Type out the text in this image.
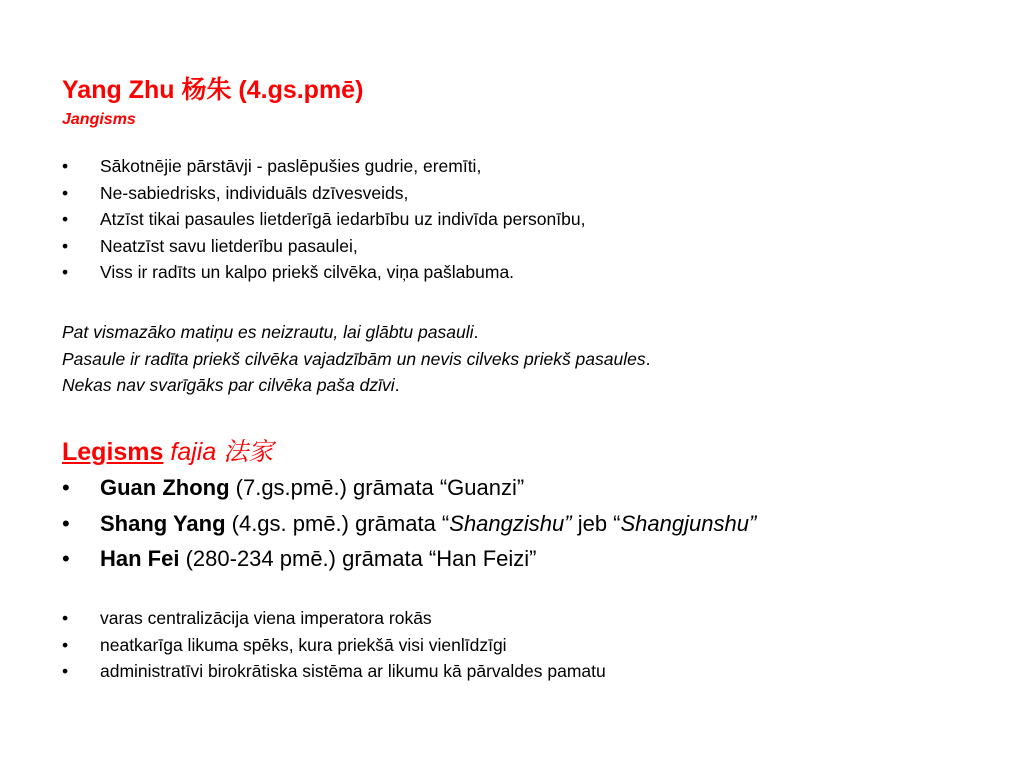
Yang Zhu 杨朱 (4.gs.pmē)
Jangisms
•	Sākotnējie pārstāvji - paslēpušies gudrie, eremīti,
•	Ne-sabiedrisks, individuāls dzīvesveids,
•	Atzīst tikai pasaules lietderīgā iedarbību uz indivīda personību,
•	Neatzīst savu lietderību pasaulei,
•	Viss ir radīts un kalpo priekš cilvēka, viņa pašlabuma.
Pat vismazāko matiņu es neizrautu, lai glābtu pasauli.
Pasaule ir radīta priekš cilvēka vajadzībām un nevis cilveks priekš pasaules.
Nekas nav svarīgāks par cilvēka paša dzīvi.
Legisms fajia 法家
• Guan Zhong (7.gs.pmē.) grāmata “Guanzi”
• Shang Yang (4.gs. pmē.) grāmata “Shangzishu” jeb “Shangjunshu”
• Han Fei (280-234 pmē.) grāmata “Han Feizi”
•	varas centralizācija viena imperatora rokās
•	neatkarīga likuma spēks, kura priekšā visi vienlīdzīgi
•	administratīvi birokrātiska sistēma ar likumu kā pārvaldes pamatu
